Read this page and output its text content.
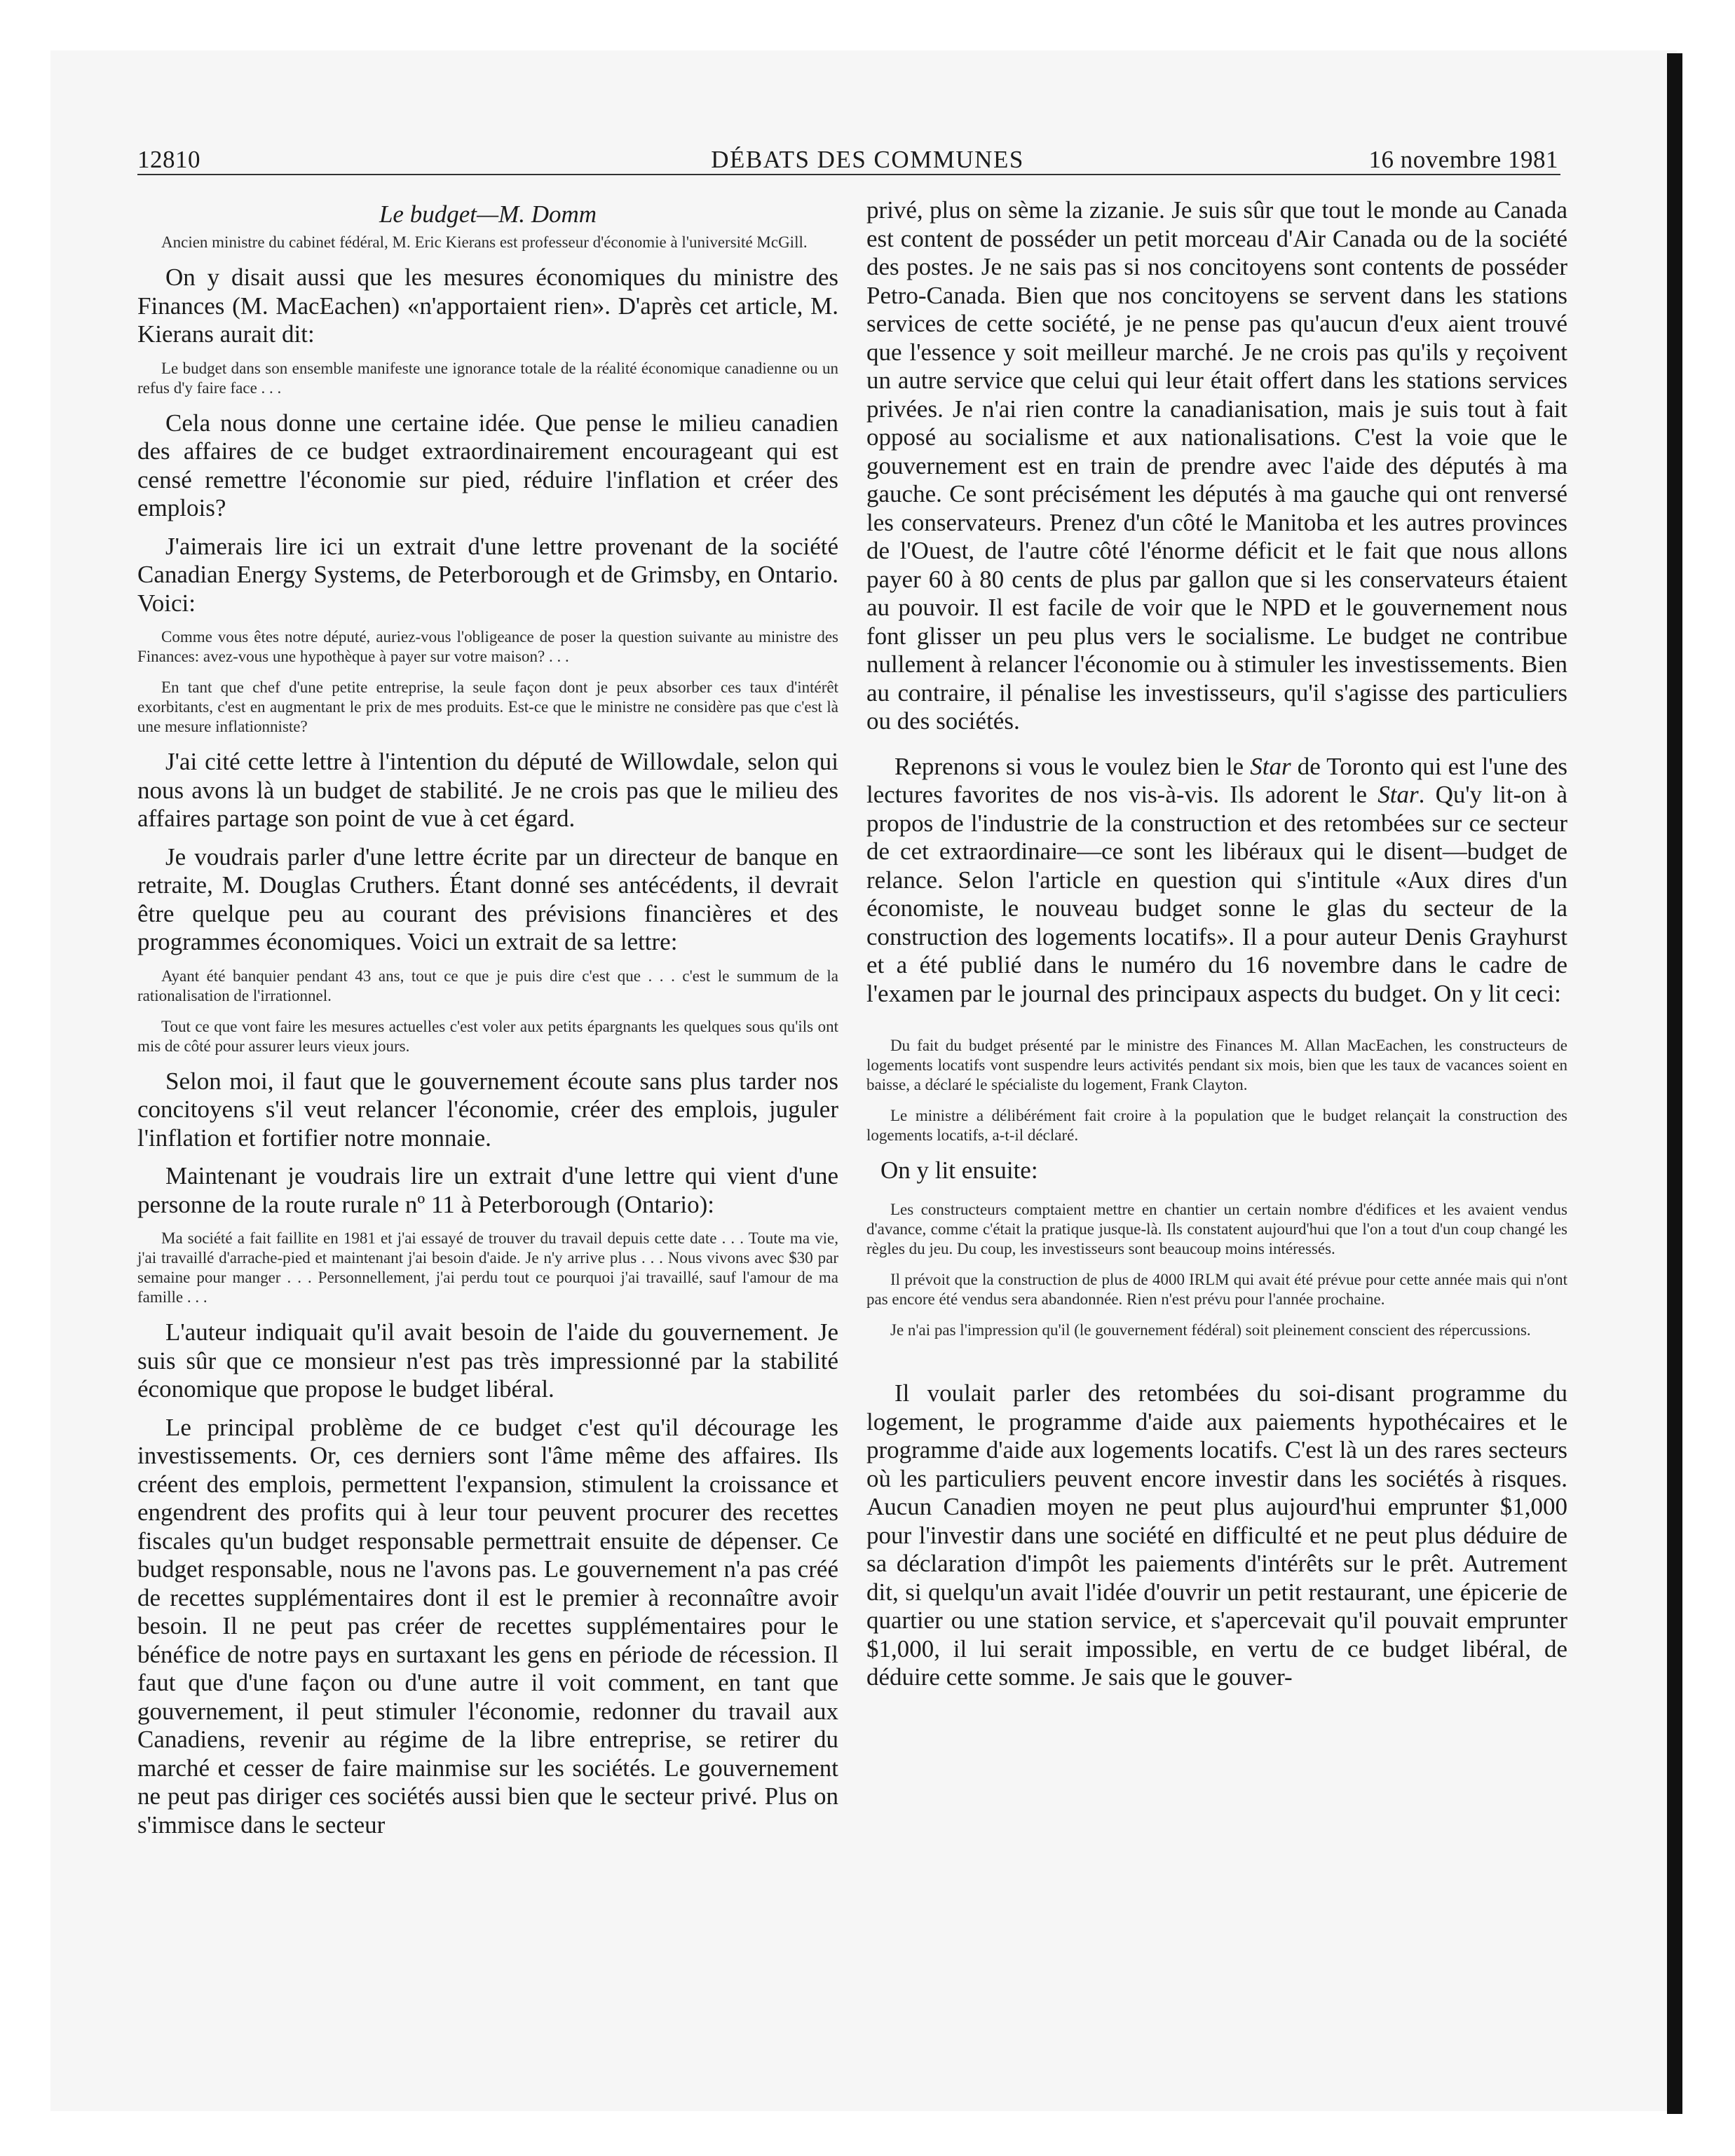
12810	DÉBATS DES COMMUNES	16 novembre 1981
Le budget—M. Domm

Ancien ministre du cabinet fédéral, M. Eric Kierans est professeur d'économie à l'université McGill.

On y disait aussi que les mesures économiques du ministre des Finances (M. MacEachen) «n'apportaient rien». D'après cet article, M. Kierans aurait dit:

Le budget dans son ensemble manifeste une ignorance totale de la réalité économique canadienne ou un refus d'y faire face . . .

Cela nous donne une certaine idée. Que pense le milieu canadien des affaires de ce budget extraordinairement encourageant qui est censé remettre l'économie sur pied, réduire l'inflation et créer des emplois?

J'aimerais lire ici un extrait d'une lettre provenant de la société Canadian Energy Systems, de Peterborough et de Grimsby, en Ontario. Voici:

Comme vous êtes notre député, auriez-vous l'obligeance de poser la question suivante au ministre des Finances: avez-vous une hypothèque à payer sur votre maison? . . .

En tant que chef d'une petite entreprise, la seule façon dont je peux absorber ces taux d'intérêt exorbitants, c'est en augmentant le prix de mes produits. Est-ce que le ministre ne considère pas que c'est là une mesure inflationniste?

J'ai cité cette lettre à l'intention du député de Willowdale, selon qui nous avons là un budget de stabilité. Je ne crois pas que le milieu des affaires partage son point de vue à cet égard.

Je voudrais parler d'une lettre écrite par un directeur de banque en retraite, M. Douglas Cruthers. Étant donné ses antécédents, il devrait être quelque peu au courant des prévisions financières et des programmes économiques. Voici un extrait de sa lettre:

Ayant été banquier pendant 43 ans, tout ce que je puis dire c'est que . . . c'est le summum de la rationalisation de l'irrationnel.

Tout ce que vont faire les mesures actuelles c'est voler aux petits épargnants les quelques sous qu'ils ont mis de côté pour assurer leurs vieux jours.

Selon moi, il faut que le gouvernement écoute sans plus tarder nos concitoyens s'il veut relancer l'économie, créer des emplois, juguler l'inflation et fortifier notre monnaie.

Maintenant je voudrais lire un extrait d'une lettre qui vient d'une personne de la route rurale nº 11 à Peterborough (Ontario):

Ma société a fait faillite en 1981 et j'ai essayé de trouver du travail depuis cette date . . . Toute ma vie, j'ai travaillé d'arrache-pied et maintenant j'ai besoin d'aide. Je n'y arrive plus . . . Nous vivons avec $30 par semaine pour manger . . . Personnellement, j'ai perdu tout ce pourquoi j'ai travaillé, sauf l'amour de ma famille . . .

L'auteur indiquait qu'il avait besoin de l'aide du gouvernement. Je suis sûr que ce monsieur n'est pas très impressionné par la stabilité économique que propose le budget libéral.

Le principal problème de ce budget c'est qu'il décourage les investissements. Or, ces derniers sont l'âme même des affaires. Ils créent des emplois, permettent l'expansion, stimulent la croissance et engendrent des profits qui à leur tour peuvent procurer des recettes fiscales qu'un budget responsable permettrait ensuite de dépenser. Ce budget responsable, nous ne l'avons pas. Le gouvernement n'a pas créé de recettes supplémentaires dont il est le premier à reconnaître avoir besoin. Il ne peut pas créer de recettes supplémentaires pour le bénéfice de notre pays en surtaxant les gens en période de récession. Il faut que d'une façon ou d'une autre il voit comment, en tant que gouvernement, il peut stimuler l'économie, redonner du travail aux Canadiens, revenir au régime de la libre entreprise, se retirer du marché et cesser de faire mainmise sur les sociétés. Le gouvernement ne peut pas diriger ces sociétés aussi bien que le secteur privé. Plus on s'immisce dans le secteur

privé, plus on sème la zizanie. Je suis sûr que tout le monde au Canada est content de posséder un petit morceau d'Air Canada ou de la société des postes. Je ne sais pas si nos concitoyens sont contents de posséder Petro-Canada. Bien que nos concitoyens se servent dans les stations services de cette société, je ne pense pas qu'aucun d'eux aient trouvé que l'essence y soit meilleur marché. Je ne crois pas qu'ils y reçoivent un autre service que celui qui leur était offert dans les stations services privées. Je n'ai rien contre la canadianisation, mais je suis tout à fait opposé au socialisme et aux nationalisations. C'est la voie que le gouvernement est en train de prendre avec l'aide des députés à ma gauche. Ce sont précisément les députés à ma gauche qui ont renversé les conservateurs. Prenez d'un côté le Manitoba et les autres provinces de l'Ouest, de l'autre côté l'énorme déficit et le fait que nous allons payer 60 à 80 cents de plus par gallon que si les conservateurs étaient au pouvoir. Il est facile de voir que le NPD et le gouvernement nous font glisser un peu plus vers le socialisme. Le budget ne contribue nullement à relancer l'économie ou à stimuler les investissements. Bien au contraire, il pénalise les investisseurs, qu'il s'agisse des particuliers ou des sociétés.

Reprenons si vous le voulez bien le Star de Toronto qui est l'une des lectures favorites de nos vis-à-vis. Ils adorent le Star. Qu'y lit-on à propos de l'industrie de la construction et des retombées sur ce secteur de cet extraordinaire—ce sont les libéraux qui le disent—budget de relance. Selon l'article en question qui s'intitule «Aux dires d'un économiste, le nouveau budget sonne le glas du secteur de la construction des logements locatifs». Il a pour auteur Denis Grayhurst et a été publié dans le numéro du 16 novembre dans le cadre de l'examen par le journal des principaux aspects du budget. On y lit ceci:

Du fait du budget présenté par le ministre des Finances M. Allan MacEachen, les constructeurs de logements locatifs vont suspendre leurs activités pendant six mois, bien que les taux de vacances soient en baisse, a déclaré le spécialiste du logement, Frank Clayton.

Le ministre a délibérément fait croire à la population que le budget relançait la construction des logements locatifs, a-t-il déclaré.

On y lit ensuite:

Les constructeurs comptaient mettre en chantier un certain nombre d'édifices et les avaient vendus d'avance, comme c'était la pratique jusque-là. Ils constatent aujourd'hui que l'on a tout d'un coup changé les règles du jeu. Du coup, les investisseurs sont beaucoup moins intéressés.

Il prévoit que la construction de plus de 4000 IRLM qui avait été prévue pour cette année mais qui n'ont pas encore été vendus sera abandonnée. Rien n'est prévu pour l'année prochaine.

Je n'ai pas l'impression qu'il (le gouvernement fédéral) soit pleinement conscient des répercussions.

Il voulait parler des retombées du soi-disant programme du logement, le programme d'aide aux paiements hypothécaires et le programme d'aide aux logements locatifs. C'est là un des rares secteurs où les particuliers peuvent encore investir dans les sociétés à risques. Aucun Canadien moyen ne peut plus aujourd'hui emprunter $1,000 pour l'investir dans une société en difficulté et ne peut plus déduire de sa déclaration d'impôt les paiements d'intérêts sur le prêt. Autrement dit, si quelqu'un avait l'idée d'ouvrir un petit restaurant, une épicerie de quartier ou une station service, et s'apercevait qu'il pouvait emprunter $1,000, il lui serait impossible, en vertu de ce budget libéral, de déduire cette somme. Je sais que le gouver-
